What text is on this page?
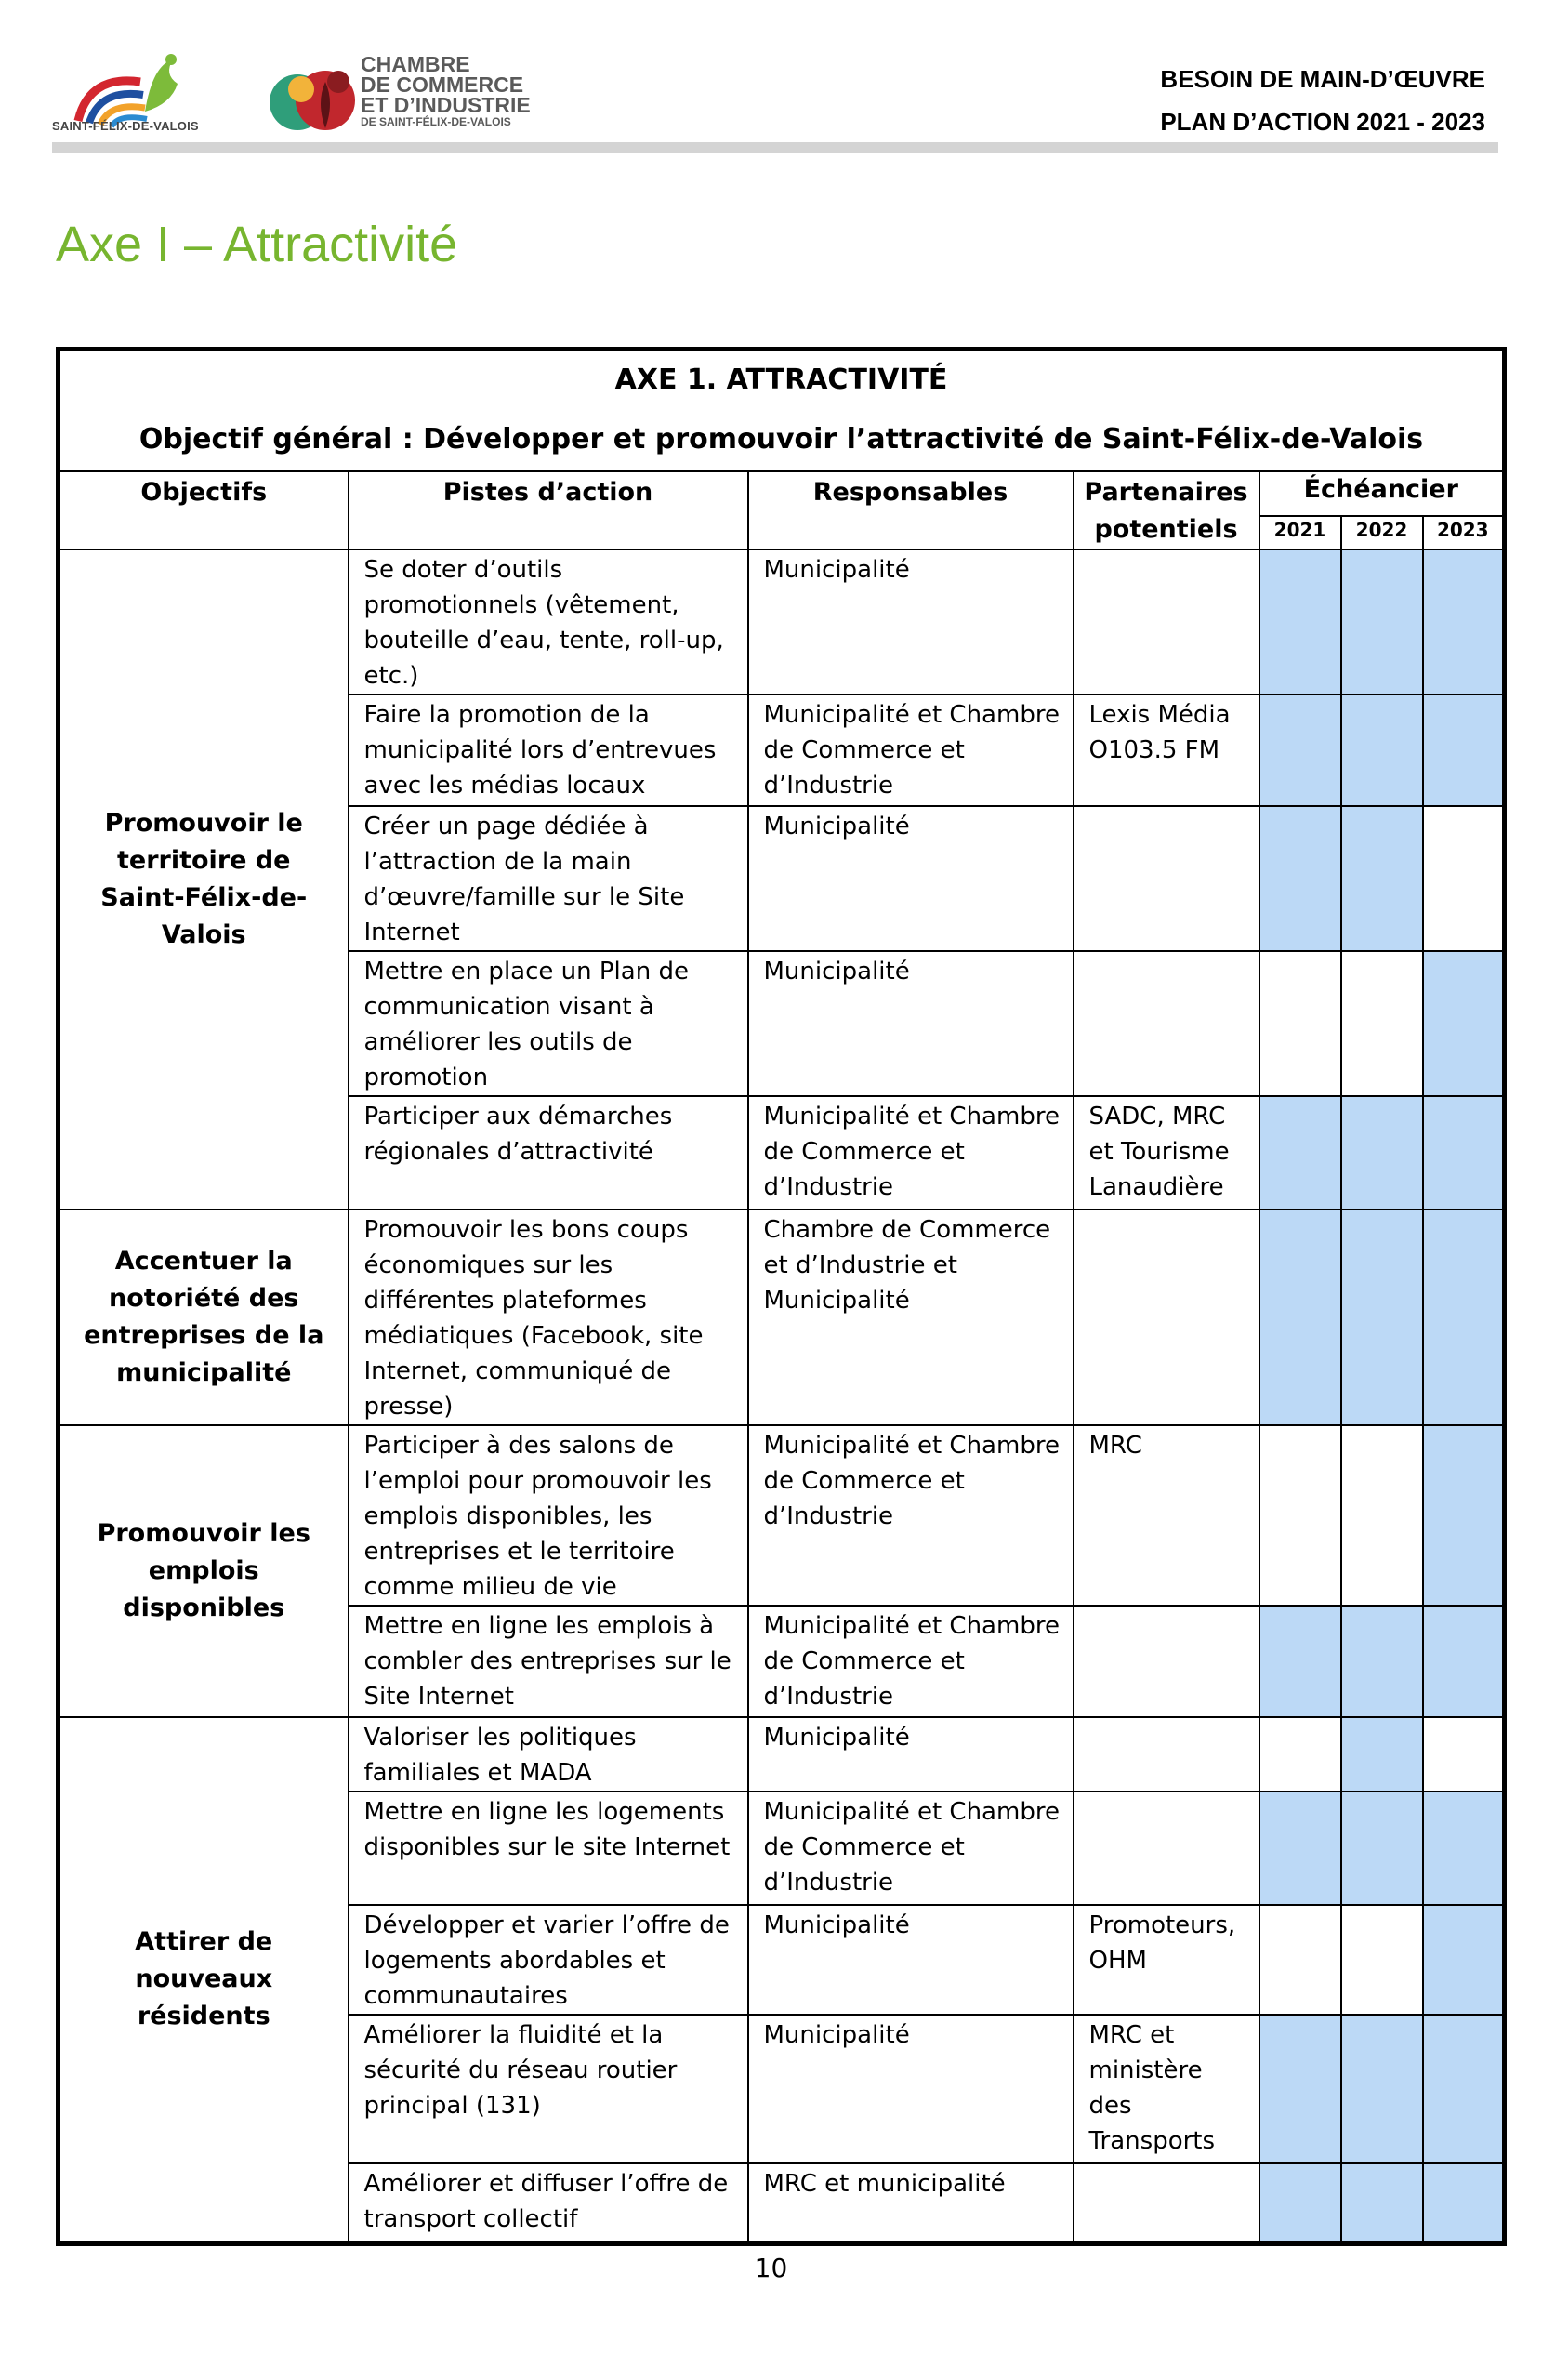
SAINT-FÉLIX-DE-VALOIS
CHAMBRE
DE COMMERCE
ET D’INDUSTRIE
DE SAINT-FÉLIX-DE-VALOIS
BESOIN DE MAIN-D’ŒUVRE
PLAN D’ACTION 2021 - 2023
Axe I – Attractivité
AXE 1. ATTRACTIVITÉ
Objectif général : Développer et promouvoir l’attractivité de Saint-Félix-de-Valois						

Objectifs	Pistes d’action	Responsables	Partenaires potentiels	Échéancier		
				2021	2022	2023
Promouvoir le territoire de Saint-Félix-de-Valois	Se doter d’outils promotionnels (vêtement, bouteille d’eau, tente, roll-up, etc.)	Municipalité				
	Faire la promotion de la municipalité lors d’entrevues avec les médias locaux	Municipalité et Chambre de Commerce et d’Industrie	Lexis Média O103.5 FM			
	Créer un page dédiée à l’attraction de la main d’œuvre/famille sur le Site Internet	Municipalité				
	Mettre en place un Plan de communication visant à améliorer les outils de promotion	Municipalité				
	Participer aux démarches régionales d’attractivité	Municipalité et Chambre de Commerce et d’Industrie	SADC, MRC et Tourisme Lanaudière			
Accentuer la notoriété des entreprises de la municipalité	Promouvoir les bons coups économiques sur les différentes plateformes médiatiques (Facebook, site Internet, communiqué de presse)	Chambre de Commerce et d’Industrie et Municipalité				
Promouvoir les emplois disponibles	Participer à des salons de l’emploi pour promouvoir les emplois disponibles, les entreprises et le territoire comme milieu de vie	Municipalité et Chambre de Commerce et d’Industrie	MRC			
	Mettre en ligne les emplois à combler des entreprises sur le Site Internet	Municipalité et Chambre de Commerce et d’Industrie				
Attirer de nouveaux résidents	Valoriser les politiques familiales et MADA	Municipalité				
	Mettre en ligne les logements disponibles sur le site Internet	Municipalité et Chambre de Commerce et d’Industrie				
	Développer et varier l’offre de logements abordables et communautaires	Municipalité	Promoteurs, OHM			
	Améliorer la fluidité et la sécurité du réseau routier principal (131)	Municipalité	MRC et ministère des Transports			
	Améliorer et diffuser l’offre de transport collectif	MRC et municipalité				
10
